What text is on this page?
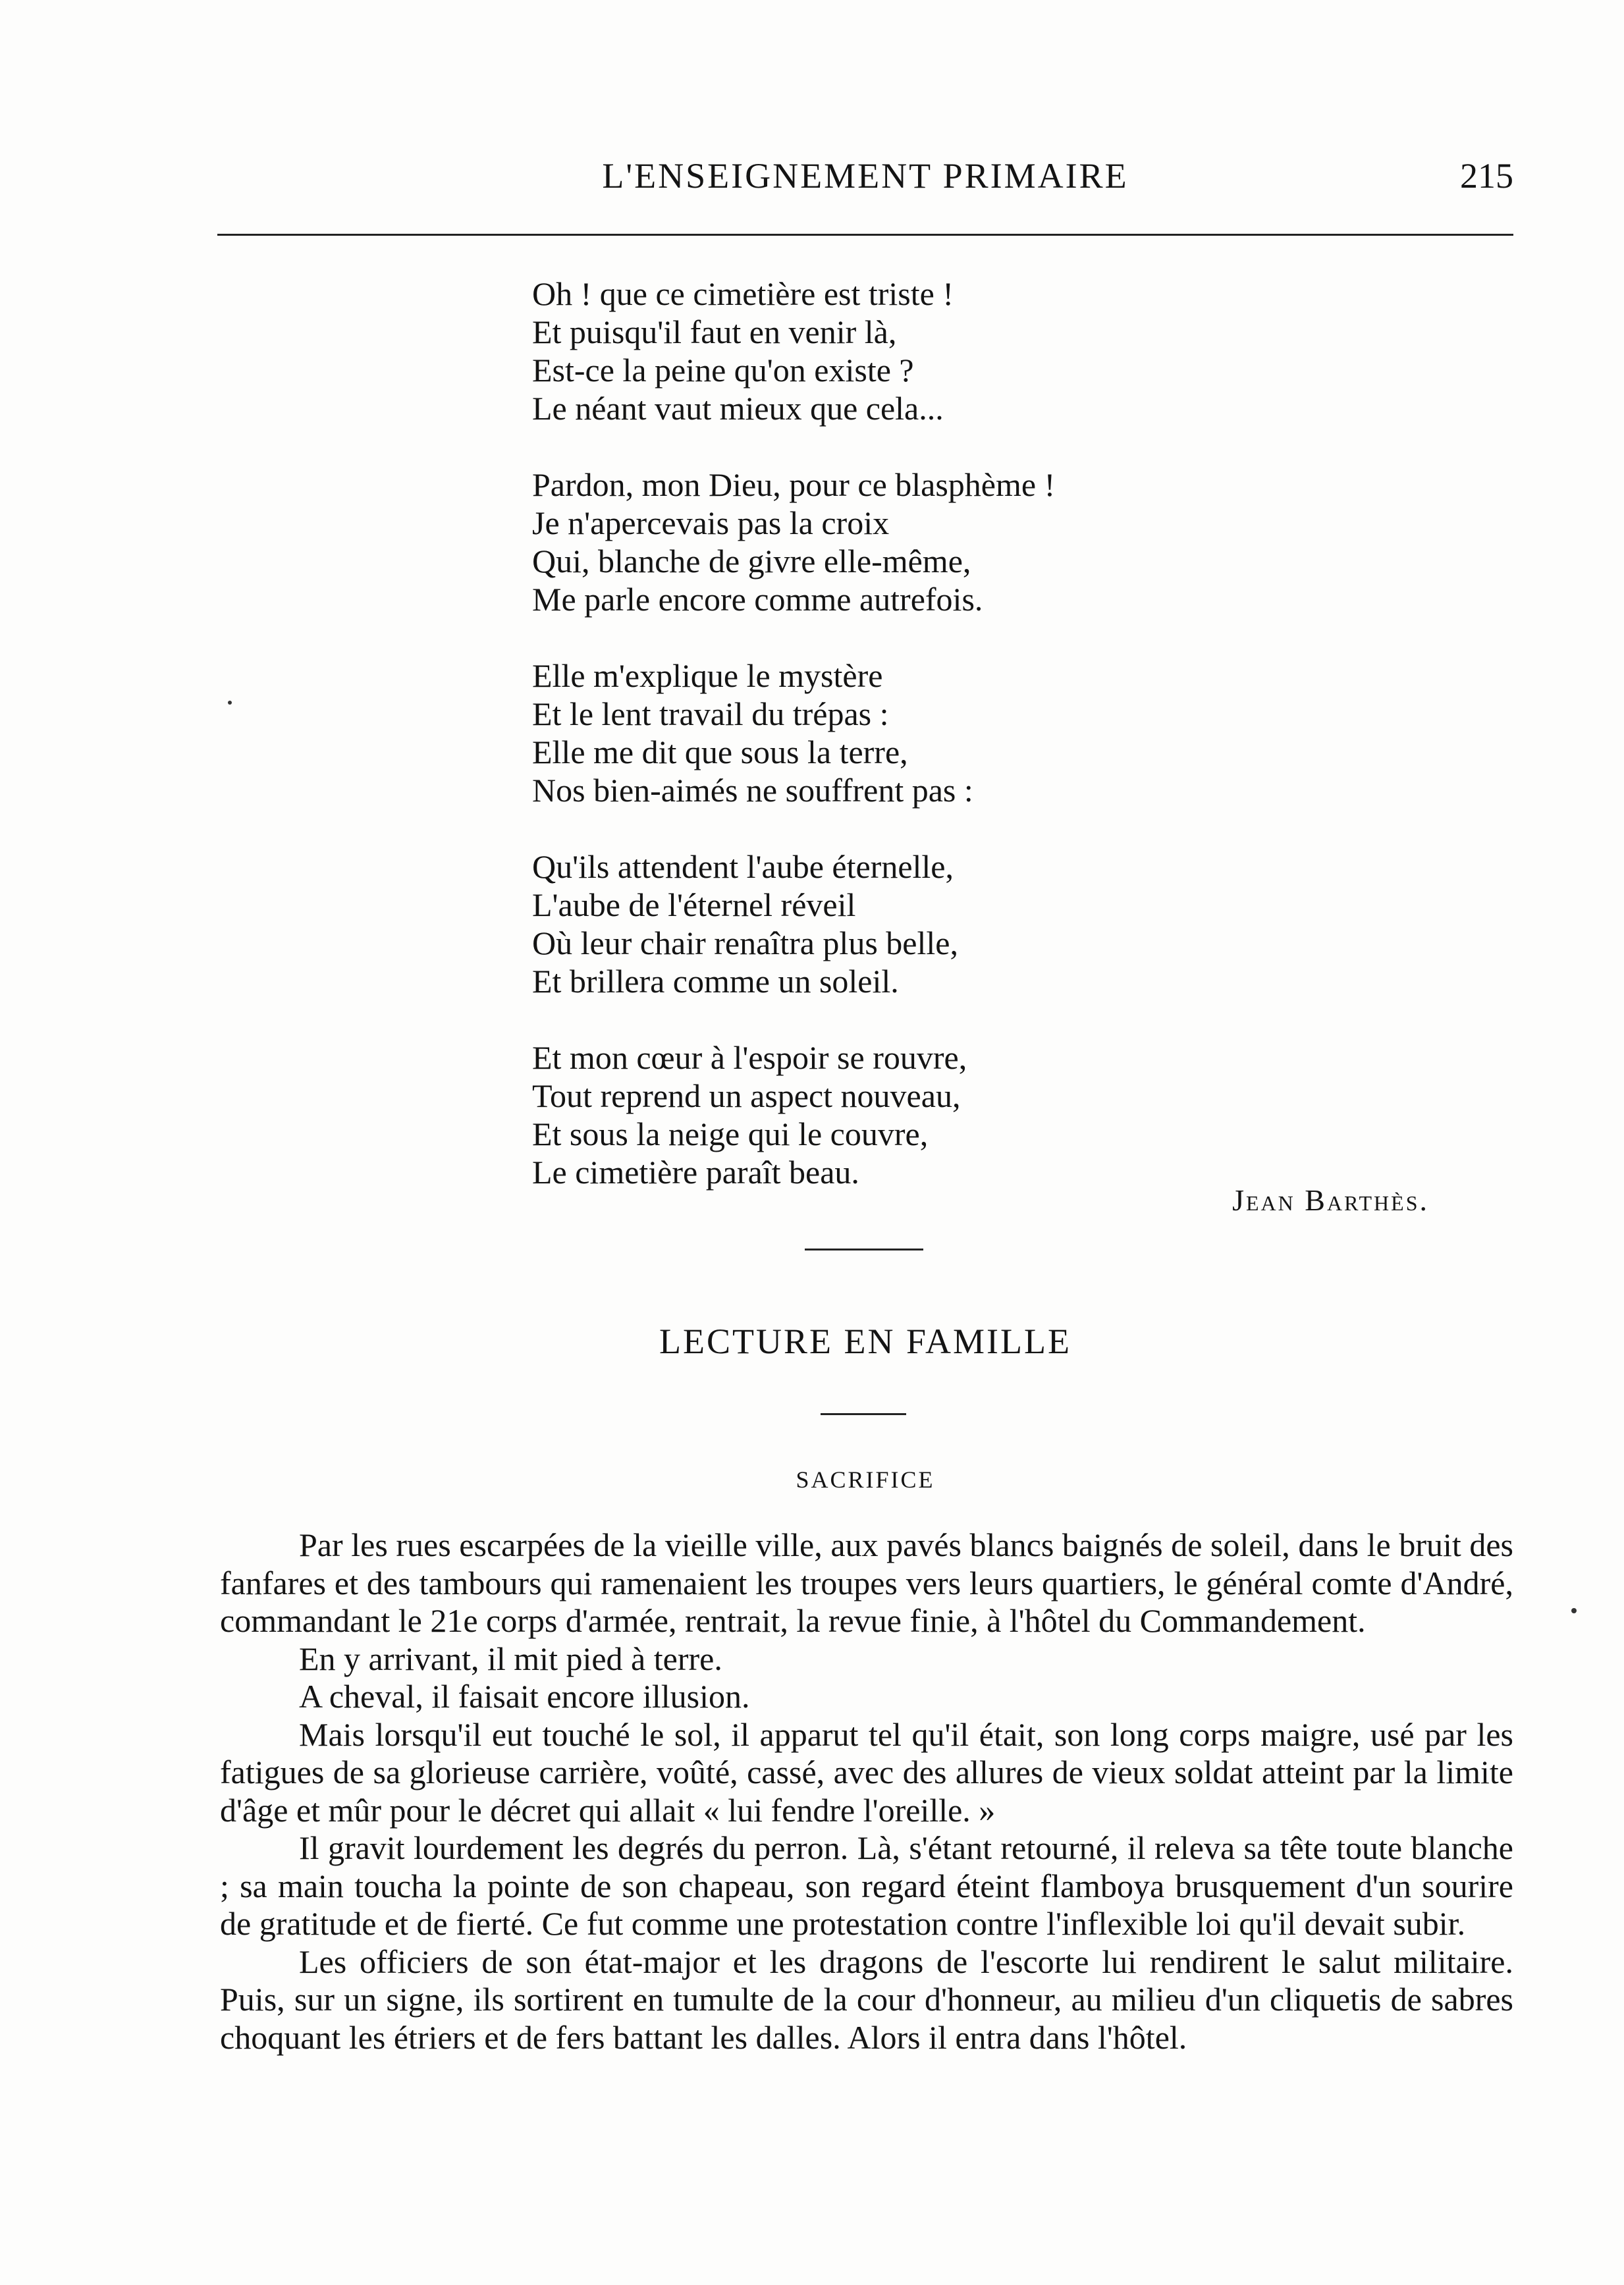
L'ENSEIGNEMENT PRIMAIRE	215
Oh ! que ce cimetière est triste !
Et puisqu'il faut en venir là,
Est-ce la peine qu'on existe ?
Le néant vaut mieux que cela...
Pardon, mon Dieu, pour ce blasphème !
Je n'apercevais pas la croix
Qui, blanche de givre elle-même,
Me parle encore comme autrefois.
Elle m'explique le mystère
Et le lent travail du trépas :
Elle me dit que sous la terre,
Nos bien-aimés ne souffrent pas :
Qu'ils attendent l'aube éternelle,
L'aube de l'éternel réveil
Où leur chair renaîtra plus belle,
Et brillera comme un soleil.
Et mon cœur à l'espoir se rouvre,
Tout reprend un aspect nouveau,
Et sous la neige qui le couvre,
Le cimetière paraît beau.
Jean Barthès.
LECTURE EN FAMILLE
SACRIFICE

Par les rues escarpées de la vieille ville, aux pavés blancs baignés de soleil, dans le bruit des fanfares et des tambours qui ramenaient les troupes vers leurs quartiers, le général comte d'André, commandant le 21e corps d'armée, rentrait, la revue finie, à l'hôtel du Commandement.

En y arrivant, il mit pied à terre.

A cheval, il faisait encore illusion.

Mais lorsqu'il eut touché le sol, il apparut tel qu'il était, son long corps maigre, usé par les fatigues de sa glorieuse carrière, voûté, cassé, avec des allures de vieux soldat atteint par la limite d'âge et mûr pour le décret qui allait « lui fendre l'oreille. »

Il gravit lourdement les degrés du perron. Là, s'étant retourné, il releva sa tête toute blanche ; sa main toucha la pointe de son chapeau, son regard éteint flamboya brusquement d'un sourire de gratitude et de fierté. Ce fut comme une protestation contre l'inflexible loi qu'il devait subir.

Les officiers de son état-major et les dragons de l'escorte lui rendirent le salut militaire. Puis, sur un signe, ils sortirent en tumulte de la cour d'honneur, au milieu d'un cliquetis de sabres choquant les étriers et de fers battant les dalles. Alors il entra dans l'hôtel.
